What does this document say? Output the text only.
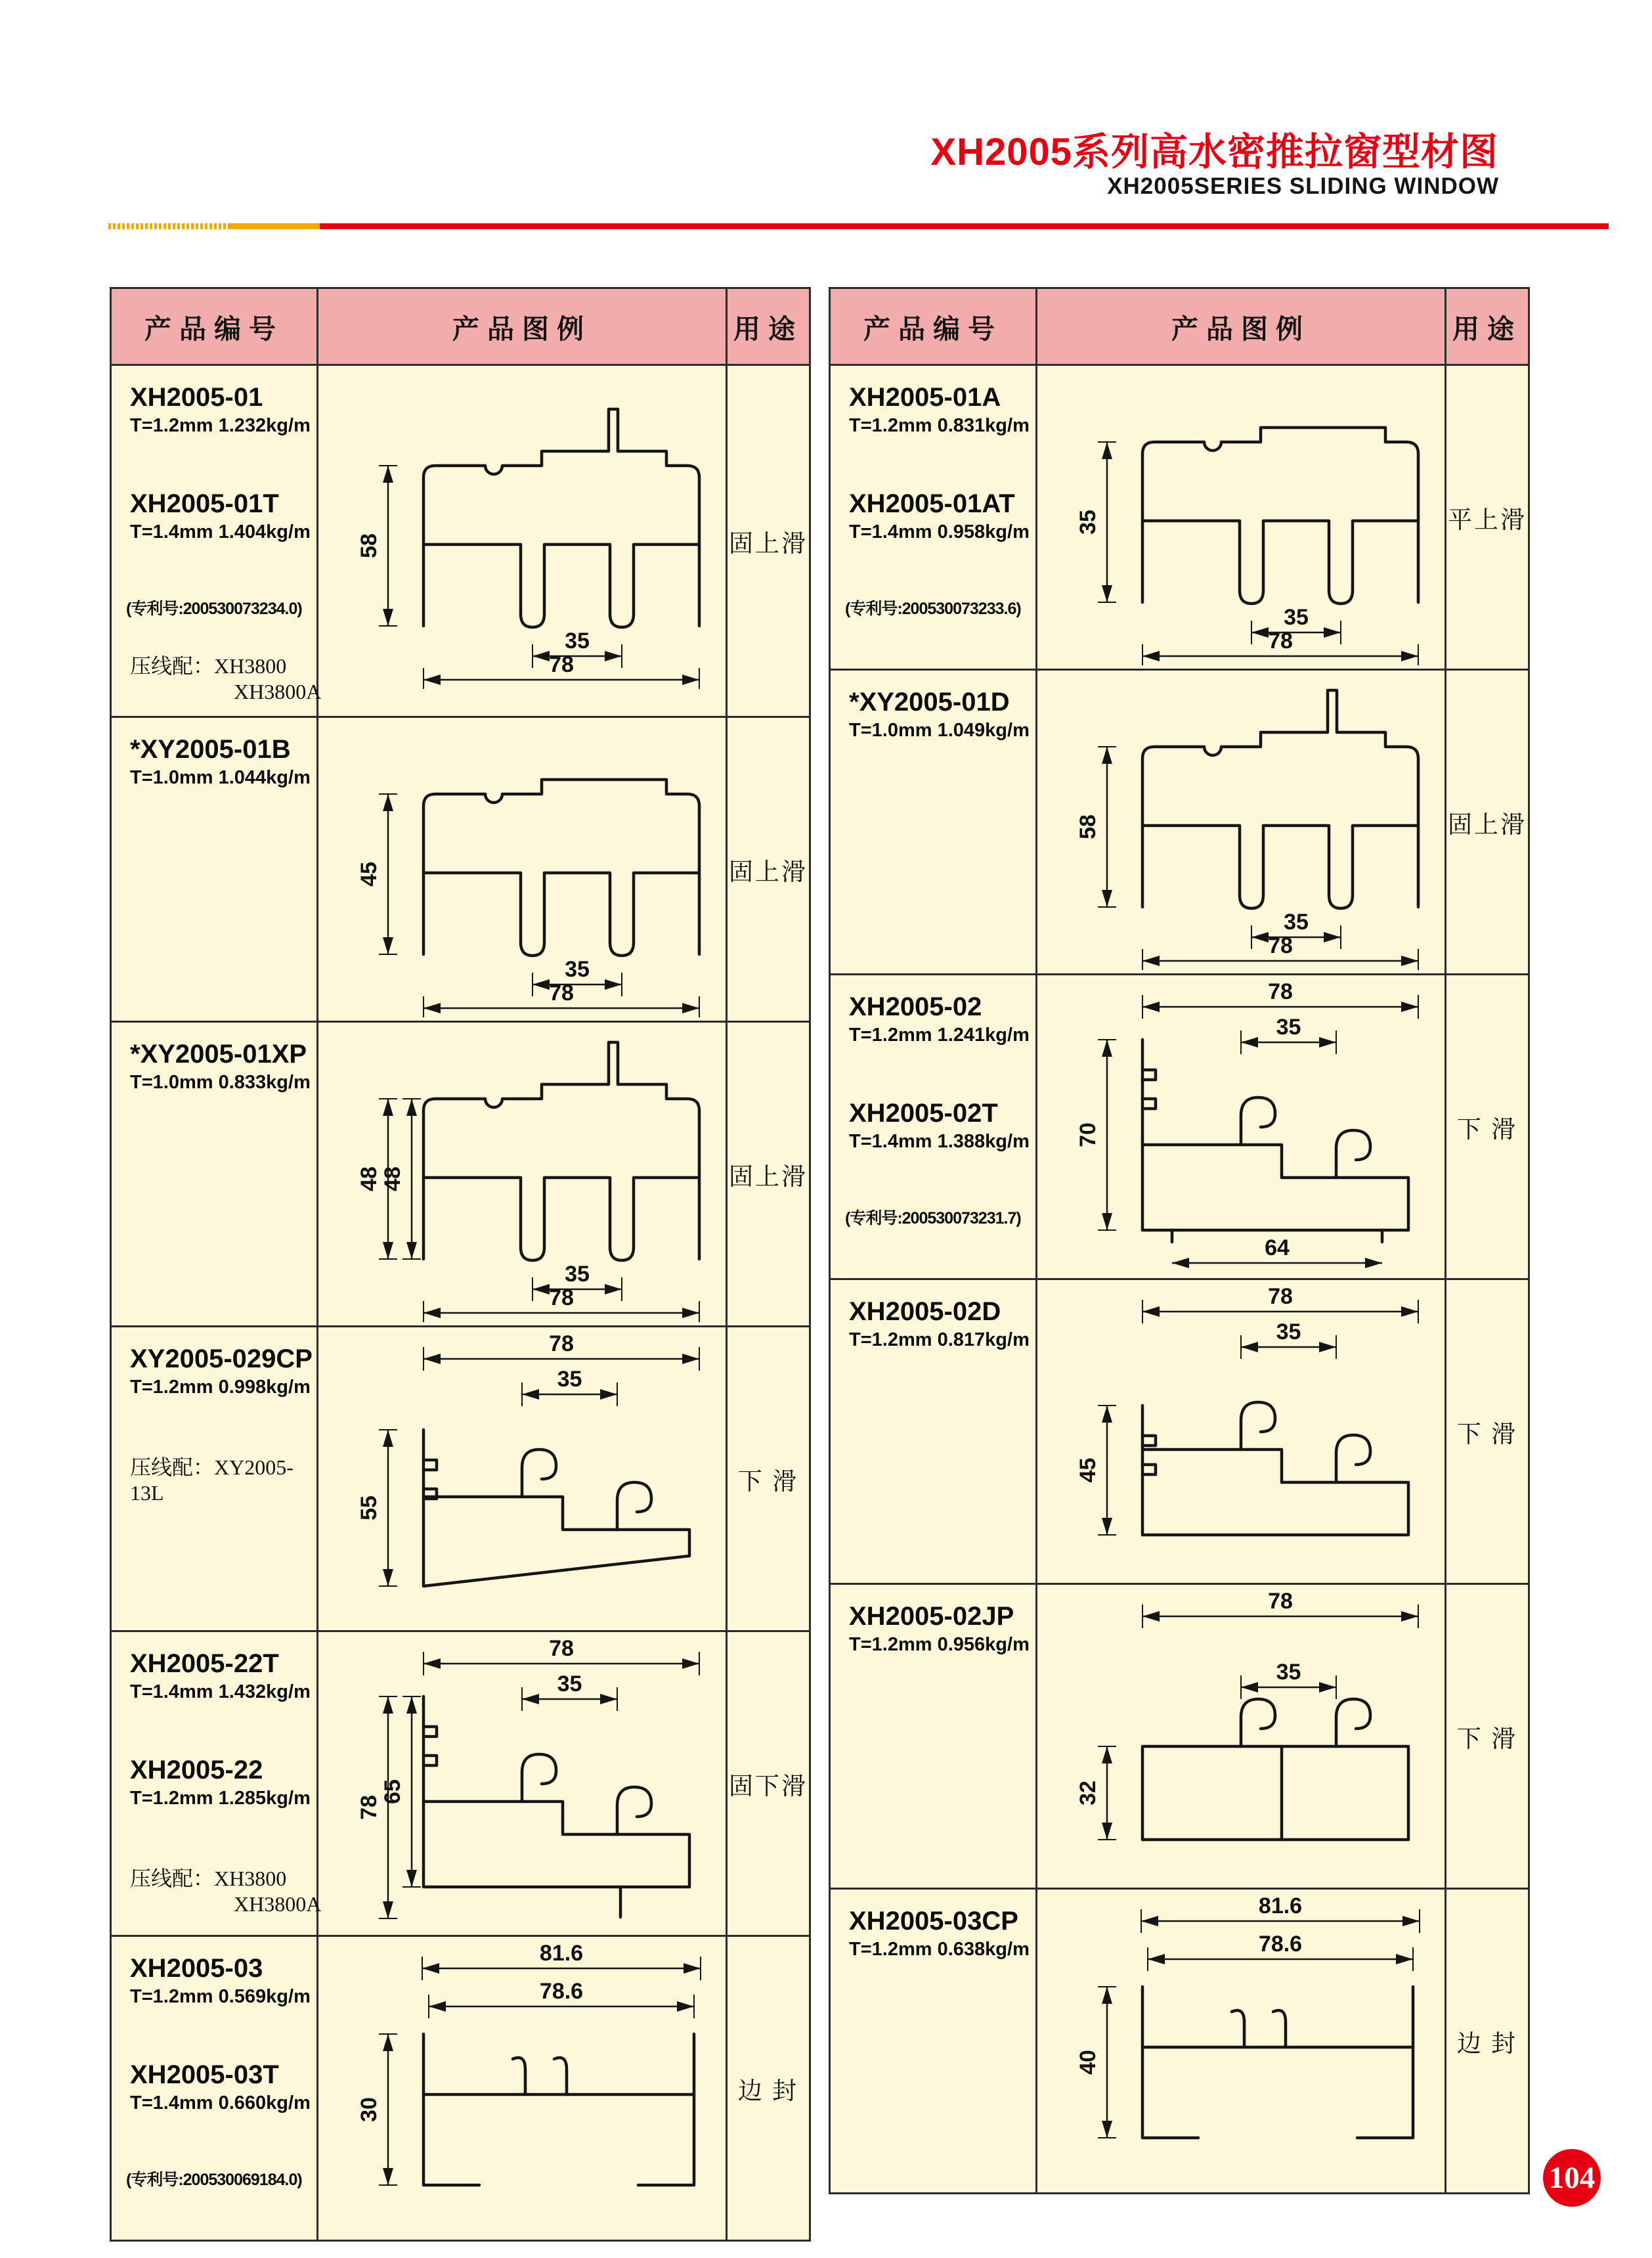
XH2005系列高水密推拉窗型材图
XH2005SERIES SLIDING WINDOW
产品编号	产品图例	用途

XH2005-01
T=1.2mm 1.232kg/m
XH2005-01T
T=1.4mm 1.404kg/m
(专利号:200530073234.0)
压线配：XH3800
XH3800A

58
35
78
	固上滑

*XY2005-01B
T=1.0mm 1.044kg/m

45
35
78
	固上滑

*XY2005-01XP
T=1.0mm 0.833kg/m

48
48
35
78
	固上滑

XY2005-029CP
T=1.2mm 0.998kg/m
压线配：XY2005-13L

78
35
55
	下 滑

XH2005-22T
T=1.4mm 1.432kg/m
XH2005-22
T=1.2mm 1.285kg/m
压线配：XH3800
XH3800A

78
35
78
65	固下滑

XH2005-03
T=1.2mm 0.569kg/m
XH2005-03T
T=1.4mm 0.660kg/m
(专利号:200530069184.0)

81.6
78.6
30
	边 封
产品编号	产品图例	用途

XH2005-01A
T=1.2mm 0.831kg/m
XH2005-01AT
T=1.4mm 0.958kg/m
(专利号:200530073233.6)

35
35
78
	平上滑

*XY2005-01D
T=1.0mm 1.049kg/m

58
35
78
	固上滑

XH2005-02
T=1.2mm 1.241kg/m
XH2005-02T
T=1.4mm 1.388kg/m
(专利号:200530073231.7)

78
35
70
64
	下 滑

XH2005-02D
T=1.2mm 0.817kg/m

78
35
45
	下 滑

XH2005-02JP
T=1.2mm 0.956kg/m

78
35
32
	下 滑

XH2005-03CP
T=1.2mm 0.638kg/m

81.6
78.6
40
	边 封
104
